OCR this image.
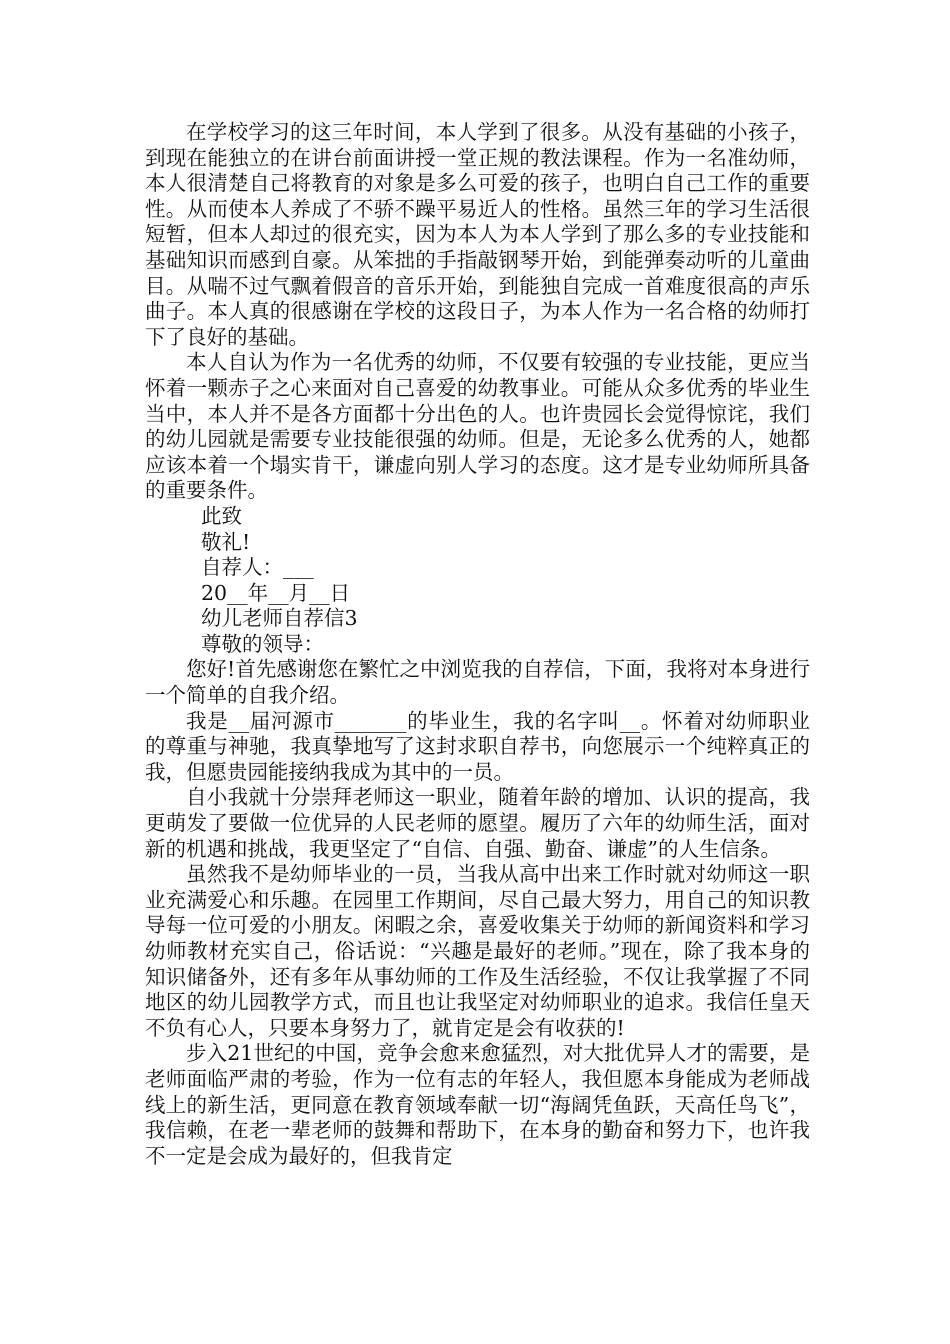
在学校学习的这三年时间，本人学到了很多。从没有基础的小孩子，到现在能独立的在讲台前面讲授一堂正规的教法课程。作为一名准幼师，本人很清楚自己将教育的对象是多么可爱的孩子，也明白自己工作的重要性。从而使本人养成了不骄不躁平易近人的性格。虽然三年的学习生活很短暂，但本人却过的很充实，因为本人为本人学到了那么多的专业技能和基础知识而感到自豪。从笨拙的手指敲钢琴开始，到能弹奏动听的儿童曲目。从喘不过气飘着假音的音乐开始，到能独自完成一首难度很高的声乐曲子。本人真的很感谢在学校的这段日子，为本人作为一名合格的幼师打下了良好的基础。

本人自认为作为一名优秀的幼师，不仅要有较强的专业技能，更应当怀着一颗赤子之心来面对自己喜爱的幼教事业。可能从众多优秀的毕业生当中，本人并不是各方面都十分出色的人。也许贵园长会觉得惊诧，我们的幼儿园就是需要专业技能很强的幼师。但是，无论多么优秀的人，她都应该本着一个塌实肯干，谦虚向别人学习的态度。这才是专业幼师所具备的重要条件。

此致

敬礼!

自荐人：___

20__年__月__日

幼儿老师自荐信3

尊敬的领导：

您好!首先感谢您在繁忙之中浏览我的自荐信，下面，我将对本身进行一个简单的自我介绍。

我是__届河源市_______的毕业生，我的名字叫__。怀着对幼师职业的尊重与神驰，我真挚地写了这封求职自荐书，向您展示一个纯粹真正的我，但愿贵园能接纳我成为其中的一员。

自小我就十分崇拜老师这一职业，随着年龄的增加、认识的提高，我更萌发了要做一位优异的人民老师的愿望。履历了六年的幼师生活，面对新的机遇和挑战，我更坚定了“自信、自强、勤奋、谦虚”的人生信条。

虽然我不是幼师毕业的一员，当我从高中出来工作时就对幼师这一职业充满爱心和乐趣。在园里工作期间，尽自己最大努力，用自己的知识教导每一位可爱的小朋友。闲暇之余，喜爱收集关于幼师的新闻资料和学习幼师教材充实自己，俗话说：“兴趣是最好的老师。”现在，除了我本身的知识储备外，还有多年从事幼师的工作及生活经验，不仅让我掌握了不同地区的幼儿园教学方式，而且也让我坚定对幼师职业的追求。我信任皇天不负有心人，只要本身努力了，就肯定是会有收获的!

步入21世纪的中国，竞争会愈来愈猛烈，对大批优异人才的需要，是老师面临严肃的考验，作为一位有志的年轻人，我但愿本身能成为老师战线上的新生活，更同意在教育领域奉献一切“海阔凭鱼跃，天高任鸟飞”，我信赖，在老一辈老师的鼓舞和帮助下，在本身的勤奋和努力下，也许我不一定是会成为最好的，但我肯定
